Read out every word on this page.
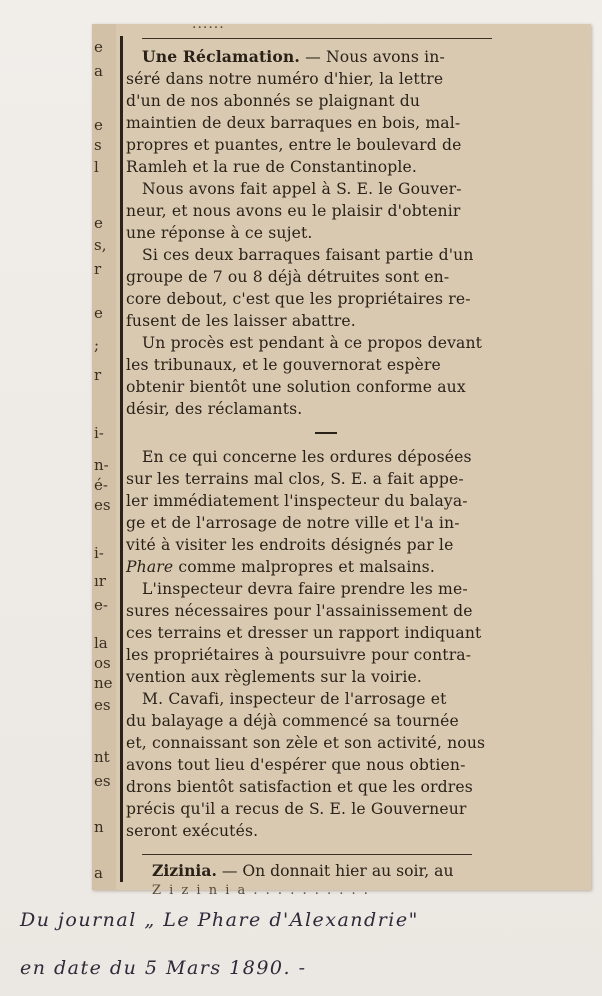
e
a
e
s
l
e
s,
r
e
;
r
i-
n-
é-
es
i-
ır
e-
la
os
ne
es
nt
es
n
a
......

Une Réclamation. — Nous avons in-
séré dans notre numéro d'hier, la lettre
d'un de nos abonnés se plaignant du
maintien de deux barraques en bois, mal-
propres et puantes, entre le boulevard de
Ramleh et la rue de Constantinople.

Nous avons fait appel à S. E. le Gouver-
neur, et nous avons eu le plaisir d'obtenir
une réponse à ce sujet.

Si ces deux barraques faisant partie d'un
groupe de 7 ou 8 déjà détruites sont en-
core debout, c'est que les propriétaires re-
fusent de les laisser abattre.

Un procès est pendant à ce propos devant
les tribunaux, et le gouvernorat espère
obtenir bientôt une solution conforme aux
désir, des réclamants.

En ce qui concerne les ordures déposées
sur les terrains mal clos, S. E. a fait appe-
ler immédiatement l'inspecteur du balaya-
ge et de l'arrosage de notre ville et l'a in-
vité à visiter les endroits désignés par le
Phare comme malpropres et malsains.

L'inspecteur devra faire prendre les me-
sures nécessaires pour l'assainissement de
ces terrains et dresser un rapport indiquant
les propriétaires à poursuivre pour contra-
vention aux règlements sur la voirie.

M. Cavafi, inspecteur de l'arrosage et
du balayage a déjà commencé sa tournée
et, connaissant son zèle et son activité, nous
avons tout lieu d'espérer que nous obtien-
drons bientôt satisfaction et que les ordres
précis qu'il a recus de S. E. le Gouverneur
seront exécutés.

Zizinia. — On donnait hier au soir, au
Z i z i n i a . . . . . . . . . .
Du journal „ Le Phare d'Alexandrie"
en date du 5 Mars 1890. -
